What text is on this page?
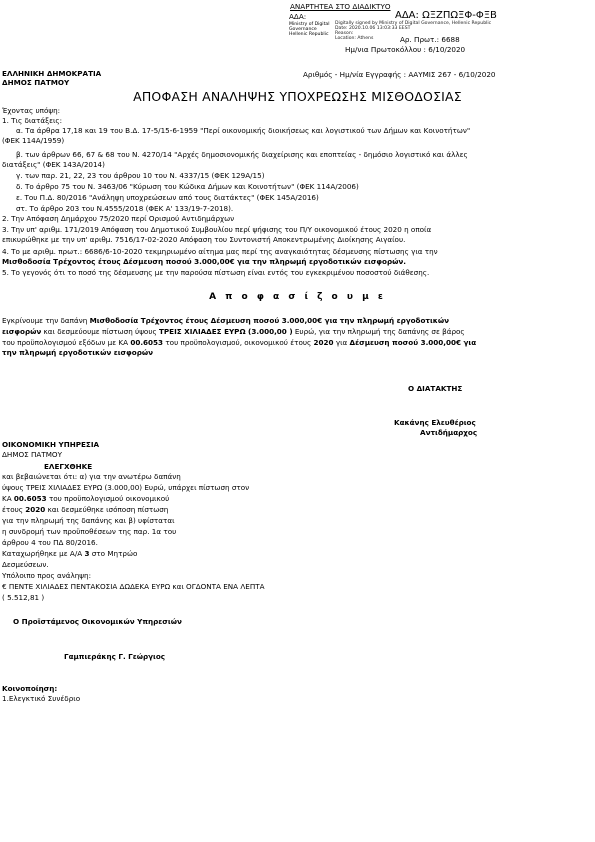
ΑΝΑΡΤΗΤΕΑ ΣΤΟ ΔΙΑΔΙΚΤΥΟ
ΑΔΑ:	ΑΔΑ: ΩΞΖΠΩΞΦ-ΦΞΒ
Ministry of Digital
Governance
Hellenic Republic
Digitally signed by Ministry of Digital Governance, Hellenic Republic
Date: 2020.10.06 13:03:33 EEST
Reason:
Location: Athens	Αρ. Πρωτ.: 6688
Ημ/νια Πρωτοκόλλου : 6/10/2020
ΕΛΛΗΝΙΚΗ ΔΗΜΟΚΡΑΤΙΑ
ΔΗΜΟΣ ΠΑΤΜΟΥ
Αριθμός - Ημ/νία Εγγραφής : ΑΑΥΜΙΣ 267 - 6/10/2020
ΑΠΟΦΑΣΗ ΑΝΑΛΗΨΗΣ ΥΠΟΧΡΕΩΣΗΣ ΜΙΣΘΟΔΟΣΙΑΣ
Έχοντας υπόψη:
1. Τις διατάξεις:
α. Τα άρθρα 17,18 και 19 του Β.Δ. 17-5/15-6-1959 "Περί οικονομικής διοικήσεως και λογιστικού των Δήμων και Κοινοτήτων"
(ΦΕΚ 114Α/1959)
β. των άρθρων 66, 67 & 68 του Ν. 4270/14 "Αρχές δημοσιονομικής διαχείρισης και εποπτείας - δημόσιο λογιστικό και άλλες
διατάξεις" (ΦΕΚ 143Α/2014)
γ. των παρ. 21, 22, 23 του άρθρου 10 του Ν. 4337/15 (ΦΕΚ 129Α/15)
δ. Το άρθρο 75 του Ν. 3463/06 "Κύρωση του Κώδικα Δήμων και Κοινοτήτων" (ΦΕΚ 114Α/2006)
ε. Του Π.Δ. 80/2016 "Ανάληψη υποχρεώσεων από τους διατάκτες" (ΦΕΚ 145Α/2016)
στ. Το άρθρο 203 του Ν.4555/2018 (ΦΕΚ Α' 133/19-7-2018).
2. Την Απόφαση Δημάρχου 75/2020 περί Ορισμού Αντιδημάρχων
3. Την υπ' αριθμ. 171/2019 Απόφαση του Δημοτικού Συμβουλίου περί ψήφισης του Π/Υ οικονομικού έτους 2020 η οποία
επικυρώθηκε με την υπ' αριθμ. 7516/17-02-2020 Απόφαση του Συντονιστή Αποκεντρωμένης Διοίκησης Αιγαίου.
4. Το με αριθμ. πρωτ.: 6686/6-10-2020 τεκμηριωμένο αίτημα μας περί της αναγκαιότητας δέσμευσης πίστωσης για την
Μισθοδοσία Τρέχοντος έτους Δέσμευση ποσού 3.000,00€ για την πληρωμή εργοδοτικών εισφορών.
5. Το γεγονός ότι το ποσό της δέσμευσης με την παρούσα πίστωση είναι εντός του εγκεκριμένου ποσοστού διάθεσης.
Α π ο φ α σ ί ζ ο υ μ ε
Εγκρίνουμε την δαπάνη Μισθοδοσία Τρέχοντος έτους Δέσμευση ποσού 3.000,00€ για την πληρωμή εργοδοτικών
εισφορών και δεσμεύουμε πίστωση ύψους ΤΡΕΙΣ ΧΙΛΙΑΔΕΣ ΕΥΡΩ (3.000,00 ) Ευρώ, για την πληρωμή της δαπάνης σε βάρος
του προϋπολογισμού εξόδων με ΚΑ 00.6053 του προϋπολογισμού, οικονομικού έτους 2020 για Δέσμευση ποσού 3.000,00€ για
την πληρωμή εργοδοτικών εισφορών
Ο ΔΙΑΤΑΚΤΗΣ
Κακάνης Ελευθέριος
Αντιδήμαρχος
ΟΙΚΟΝΟΜΙΚΗ ΥΠΗΡΕΣΙΑ
ΔΗΜΟΣ ΠΑΤΜΟΥ
ΕΛΕΓΧΘΗΚΕ
και βεβαιώνεται ότι: α) για την ανωτέρω δαπάνη
ύψους ΤΡΕΙΣ ΧΙΛΙΑΔΕΣ ΕΥΡΩ (3.000,00) Ευρώ, υπάρχει πίστωση στον
ΚΑ 00.6053 του προϋπολογισμού οικονομικού
έτους 2020 και δεσμεύθηκε ισόποση πίστωση
για την πληρωμή της δαπάνης και β) υφίσταται
η συνδρομή των προϋποθέσεων της παρ. 1α του
άρθρου 4 του ΠΔ 80/2016.
Καταχωρήθηκε με Α/Α 3 στο Μητρώο
Δεσμεύσεων.
Υπόλοιπο προς ανάληψη:
€ ΠΕΝΤΕ ΧΙΛΙΑΔΕΣ ΠΕΝΤΑΚΟΣΙΑ ΔΩΔΕΚΑ ΕΥΡΩ και ΟΓΔΟΝΤΑ ΕΝΑ ΛΕΠΤΑ
( 5.512,81 )
Ο Προϊστάμενος Οικονομικών Υπηρεσιών
Γαμπιεράκης Γ. Γεώργιος
Κοινοποίηση:
1.Ελεγκτικό Συνέδριο
